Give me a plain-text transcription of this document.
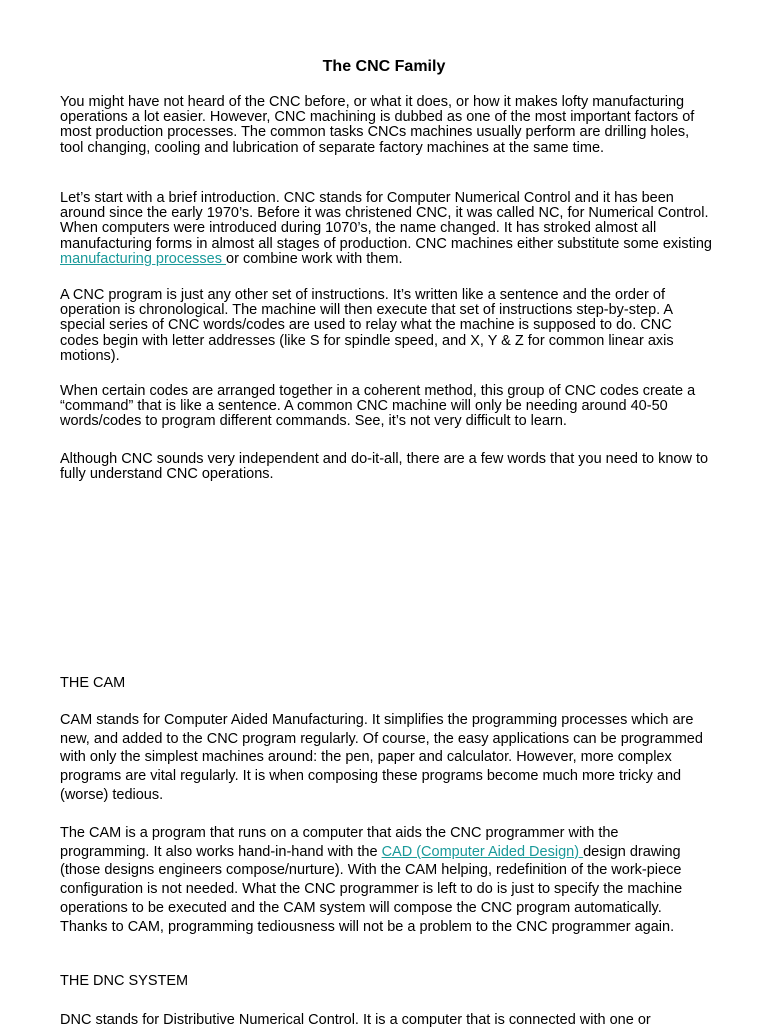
The CNC Family

You might have not heard of the CNC before, or what it does, or how it makes lofty manufacturing operations a lot easier. However, CNC machining is dubbed as one of the most important factors of most production processes. The common tasks CNCs machines usually perform are drilling holes, tool changing, cooling and lubrication of separate factory machines at the same time.

Let’s start with a brief introduction. CNC stands for Computer Numerical Control and it has been around since the early 1970’s. Before it was christened CNC, it was called NC, for Numerical Control. When computers were introduced during 1070’s, the name changed. It has stroked almost all manufacturing forms in almost all stages of production. CNC machines either substitute some existing manufacturing processes or combine work with them.

A CNC program is just any other set of instructions. It’s written like a sentence and the order of operation is chronological. The machine will then execute that set of instructions step-by-step. A special series of CNC words/codes are used to relay what the machine is supposed to do. CNC codes begin with letter addresses (like S for spindle speed, and X, Y & Z for common linear axis motions).

When certain codes are arranged together in a coherent method, this group of CNC codes create a “command” that is like a sentence. A common CNC machine will only be needing around 40-50 words/codes to program different commands. See, it’s not very difficult to learn.

Although CNC sounds very independent and do-it-all, there are a few words that you need to know to fully understand CNC operations.

THE CAM

CAM stands for Computer Aided Manufacturing. It simplifies the programming processes which are new, and added to the CNC program regularly. Of course, the easy applications can be programmed with only the simplest machines around: the pen, paper and calculator. However, more complex programs are vital regularly. It is when composing these programs become much more tricky and (worse) tedious.

The CAM is a program that runs on a computer that aids the CNC programmer with the programming. It also works hand-in-hand with the CAD (Computer Aided Design) design drawing (those designs engineers compose/nurture). With the CAM helping, redefinition of the work-piece configuration is not needed. What the CNC programmer is left to do is just to specify the machine operations to be executed and the CAM system will compose the CNC program automatically. Thanks to CAM, programming tediousness will not be a problem to the CNC programmer again.

THE DNC SYSTEM

DNC stands for Distributive Numerical Control. It is a computer that is connected with one or
